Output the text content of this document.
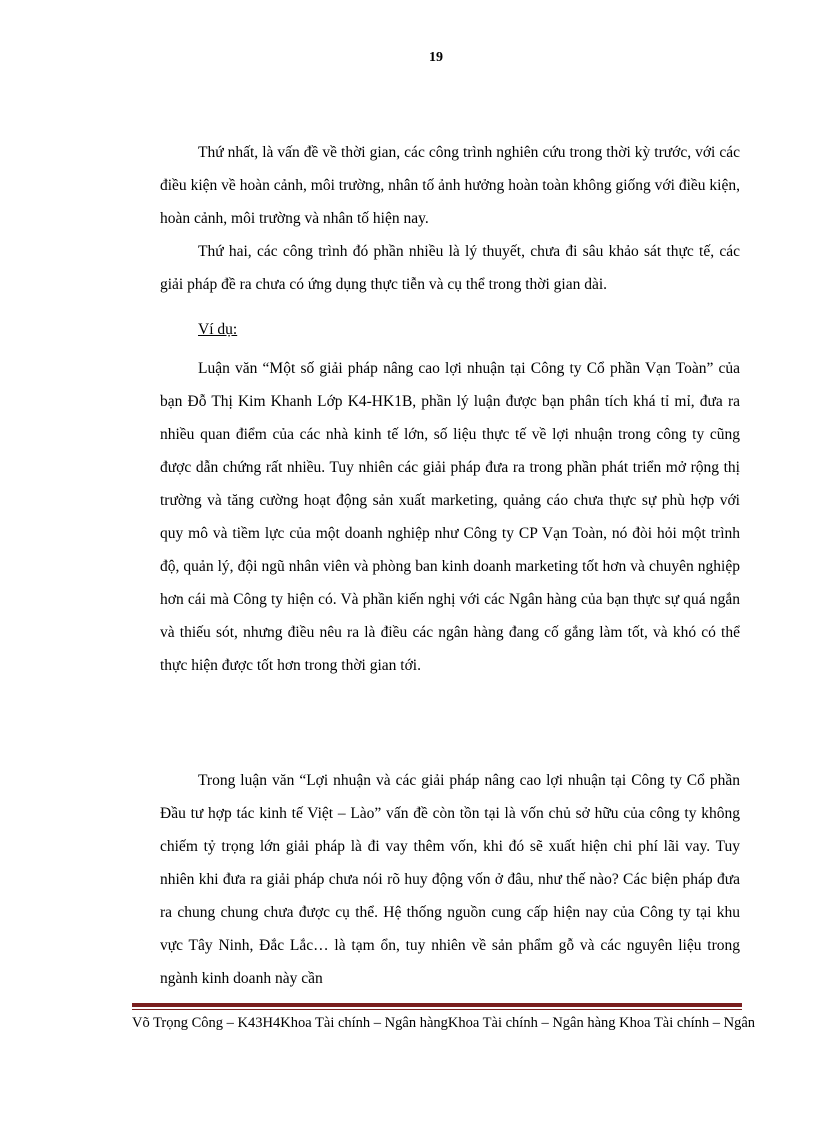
19

Thứ nhất, là vấn đề về thời gian, các công trình nghiên cứu trong thời kỳ trước, với các điều kiện về hoàn cảnh, môi trường, nhân tố ảnh hưởng hoàn toàn không giống với điều kiện, hoàn cảnh, môi trường và nhân tố hiện nay.

Thứ hai, các công trình đó phần nhiều là lý thuyết, chưa đi sâu khảo sát thực tế, các giải pháp đề ra chưa có ứng dụng thực tiễn và cụ thể trong thời gian dài.

Ví dụ:

Luận văn “Một số giải pháp nâng cao lợi nhuận tại Công ty Cổ phần Vạn Toàn” của bạn Đỗ Thị Kim Khanh Lớp K4-HK1B, phần lý luận được bạn phân tích khá tỉ mỉ, đưa ra nhiều quan điểm của các nhà kinh tế lớn, số liệu thực tế về lợi nhuận trong công ty cũng được dẫn chứng rất nhiều. Tuy nhiên các giải pháp đưa ra trong phần phát triển mở rộng thị trường và tăng cường hoạt động sản xuất marketing, quảng cáo chưa thực sự phù hợp với quy mô và tiềm lực của một doanh nghiệp như Công ty CP Vạn Toàn, nó đòi hỏi một trình độ, quản lý, đội ngũ nhân viên và phòng ban kinh doanh marketing tốt hơn và chuyên nghiệp hơn cái mà Công ty hiện có. Và phần kiến nghị với các Ngân hàng của bạn thực sự quá ngắn và thiếu sót, nhưng điều nêu ra là điều các ngân hàng đang cố gắng làm tốt, và khó có thể thực hiện được tốt hơn trong thời gian tới.

Trong luận văn “Lợi nhuận và các giải pháp nâng cao lợi nhuận tại Công ty Cổ phần Đầu tư hợp tác kinh tế Việt – Lào” vấn đề còn tồn tại là vốn chủ sở hữu của công ty không chiếm tỷ trọng lớn giải pháp là đi vay thêm vốn, khi đó sẽ xuất hiện chi phí lãi vay. Tuy nhiên khi đưa ra giải pháp chưa nói rõ huy động vốn ở đâu, như thế nào? Các biện pháp đưa ra chung chung chưa được cụ thể. Hệ thống nguồn cung cấp hiện nay của Công ty tại khu vực Tây Ninh, Đắc Lắc… là tạm ổn, tuy nhiên về sản phẩm gỗ và các nguyên liệu trong ngành kinh doanh này cần

Võ Trọng Công – K43H4Khoa Tài chính – Ngân hàngKhoa Tài chính – Ngân hàng Khoa Tài chính – Ngân
